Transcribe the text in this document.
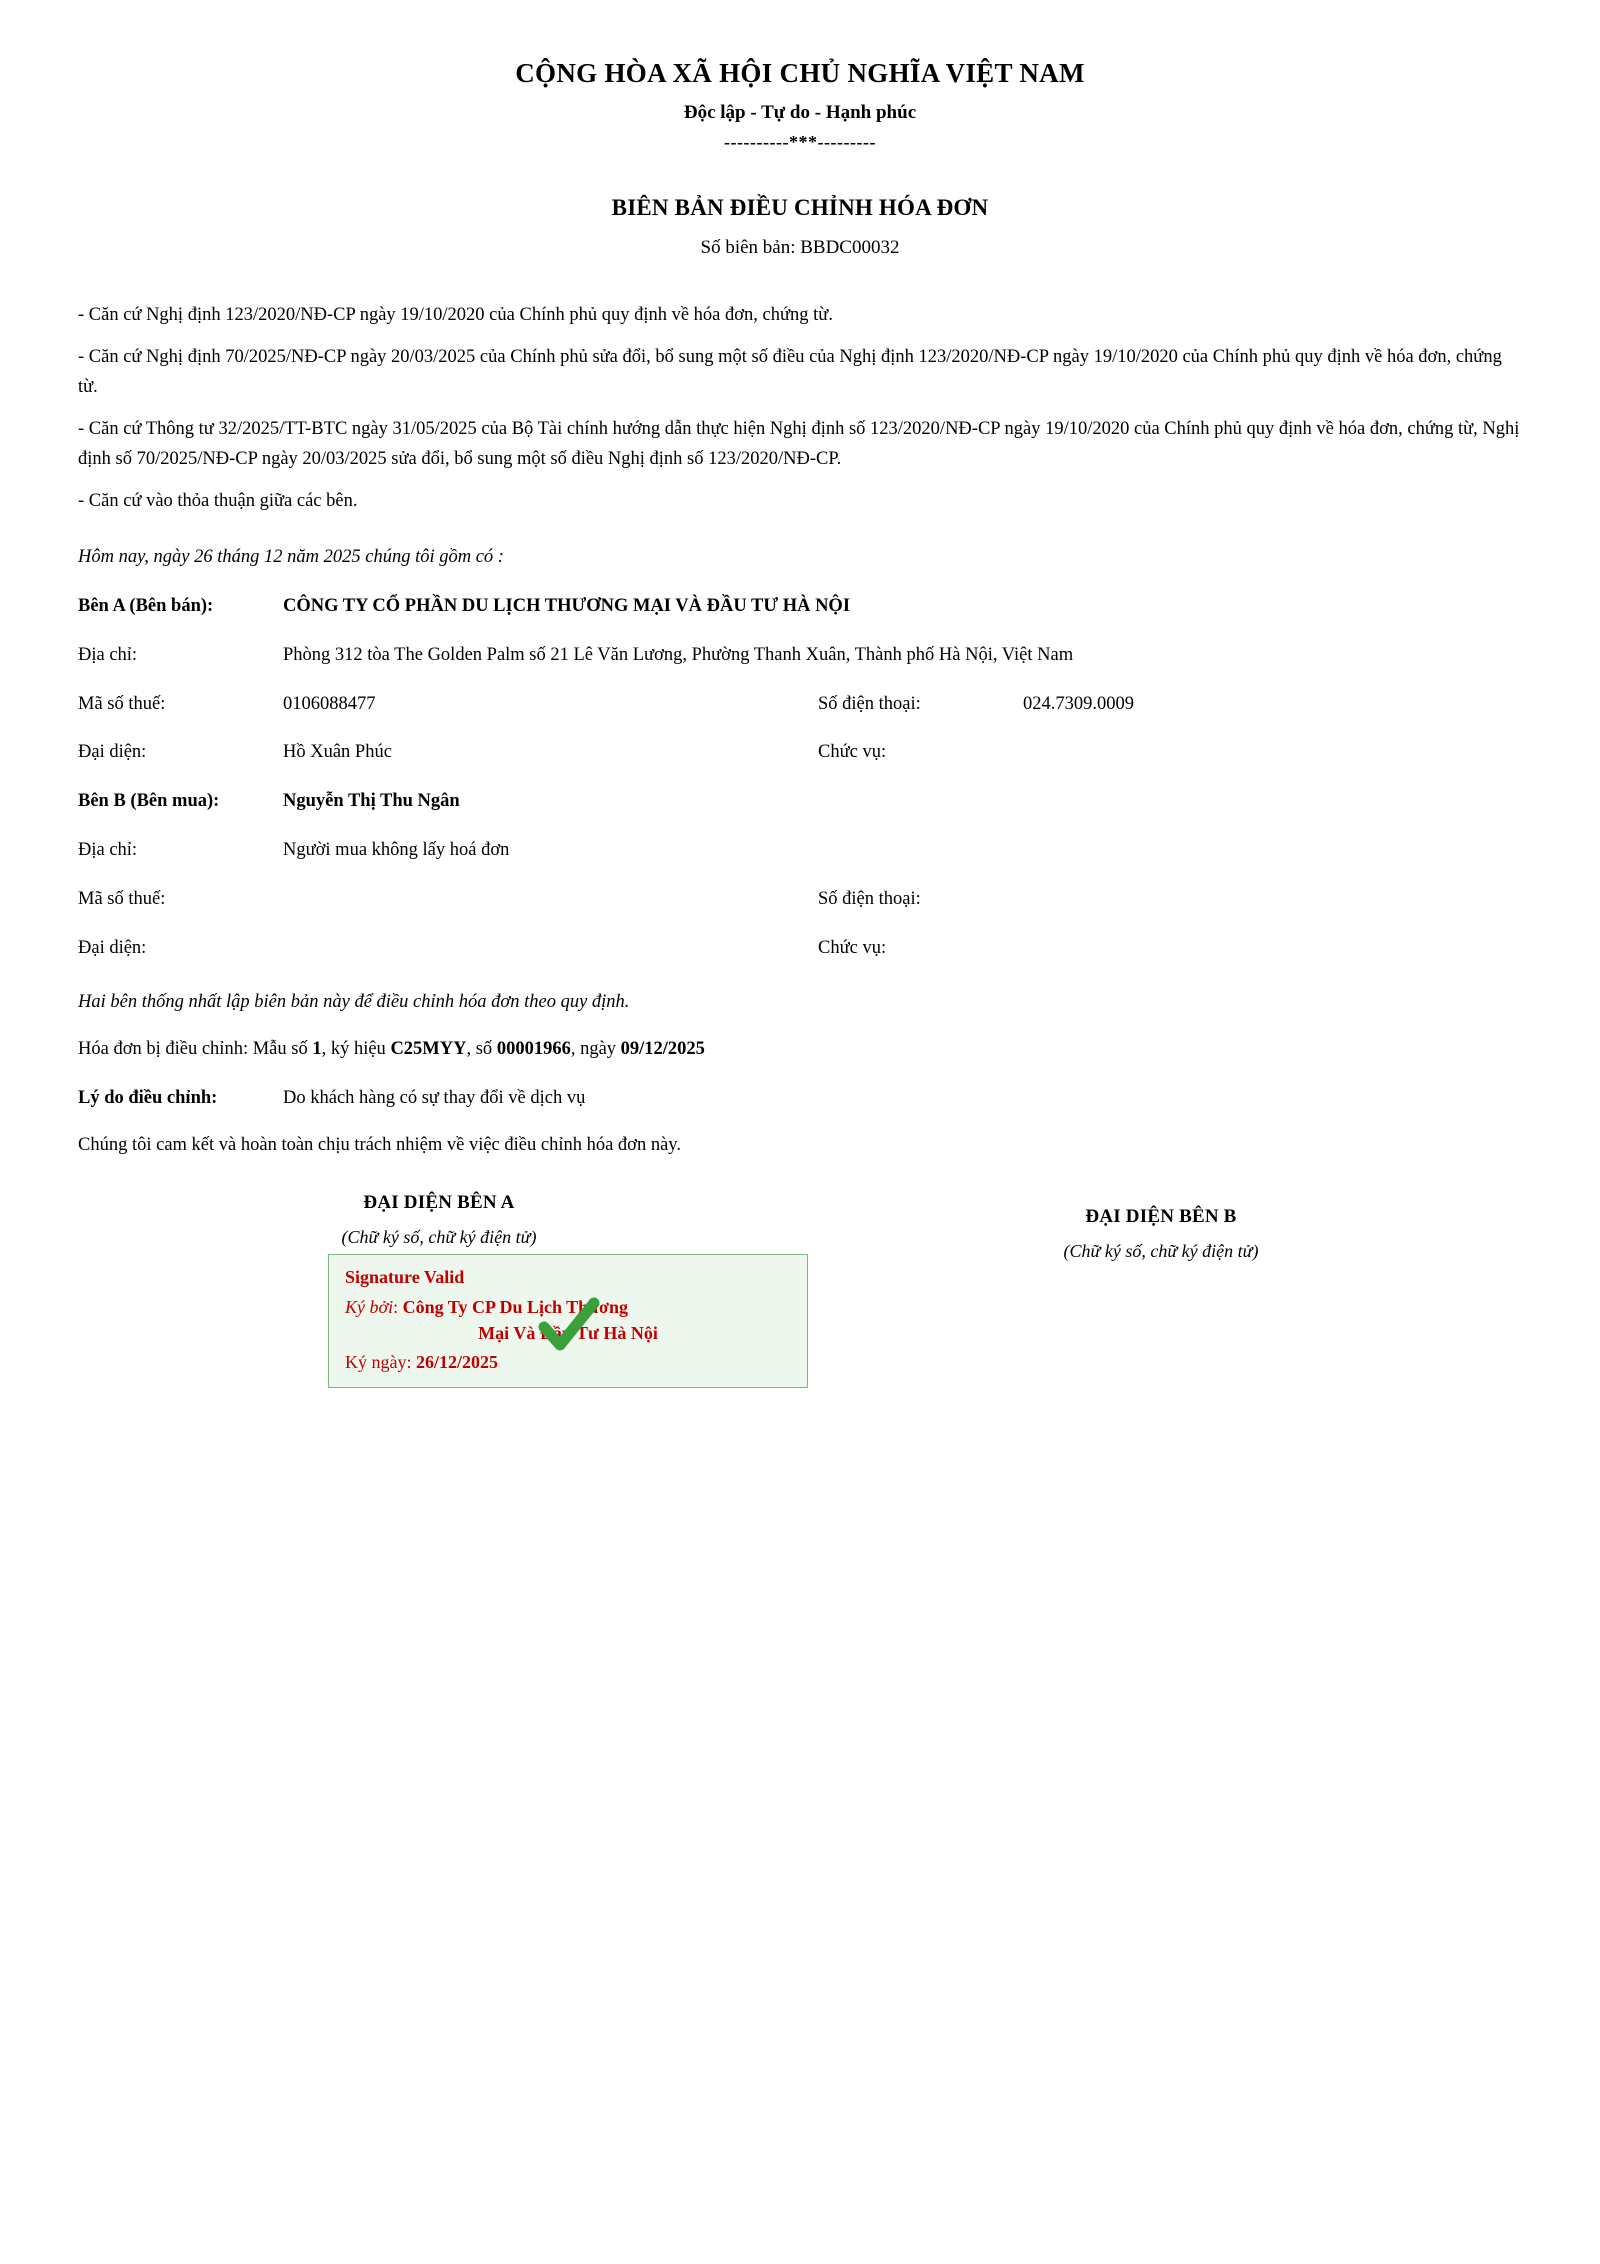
CỘNG HÒA XÃ HỘI CHỦ NGHĨA VIỆT NAM
Độc lập - Tự do - Hạnh phúc
----------***---------
BIÊN BẢN ĐIỀU CHỈNH HÓA ĐƠN
Số biên bản: BBDC00032

- Căn cứ Nghị định 123/2020/NĐ-CP ngày 19/10/2020 của Chính phủ quy định về hóa đơn, chứng từ.

- Căn cứ Nghị định 70/2025/NĐ-CP ngày 20/03/2025 của Chính phủ sửa đổi, bổ sung một số điều của Nghị định 123/2020/NĐ-CP ngày 19/10/2020 của Chính phủ quy định về hóa đơn, chứng từ.

- Căn cứ Thông tư 32/2025/TT-BTC ngày 31/05/2025 của Bộ Tài chính hướng dẫn thực hiện Nghị định số 123/2020/NĐ-CP ngày 19/10/2020 của Chính phủ quy định về hóa đơn, chứng từ, Nghị định số 70/2025/NĐ-CP ngày 20/03/2025 sửa đổi, bổ sung một số điều Nghị định số 123/2020/NĐ-CP.

- Căn cứ vào thỏa thuận giữa các bên.

Hôm nay, ngày 26 tháng 12 năm 2025 chúng tôi gồm có :
Bên A (Bên bán):	CÔNG TY CỔ PHẦN DU LỊCH THƯƠNG MẠI VÀ ĐẦU TƯ HÀ NỘI
Địa chỉ:	Phòng 312 tòa The Golden Palm số 21 Lê Văn Lương, Phường Thanh Xuân, Thành phố Hà Nội, Việt Nam
Mã số thuế:	0106088477	Số điện thoại:	024.7309.0009
Đại diện:	Hồ Xuân Phúc	Chức vụ:
Bên B (Bên mua):	Nguyễn Thị Thu Ngân
Địa chỉ:	Người mua không lấy hoá đơn
Mã số thuế:	Số điện thoại:
Đại diện:	Chức vụ:
Hai bên thống nhất lập biên bản này để điều chỉnh hóa đơn theo quy định.
Hóa đơn bị điều chỉnh: Mẫu số 1, ký hiệu C25MYY, số 00001966, ngày 09/12/2025
Lý do điều chỉnh:	Do khách hàng có sự thay đổi về dịch vụ
Chúng tôi cam kết và hoàn toàn chịu trách nhiệm về việc điều chỉnh hóa đơn này.
ĐẠI DIỆN BÊN A
(Chữ ký số, chữ ký điện tử)
Signature Valid
Ký bởi: Công Ty CP Du Lịch Thương
Mại Và Đầu Tư Hà Nội
Ký ngày: 26/12/2025
ĐẠI DIỆN BÊN B
(Chữ ký số, chữ ký điện tử)
